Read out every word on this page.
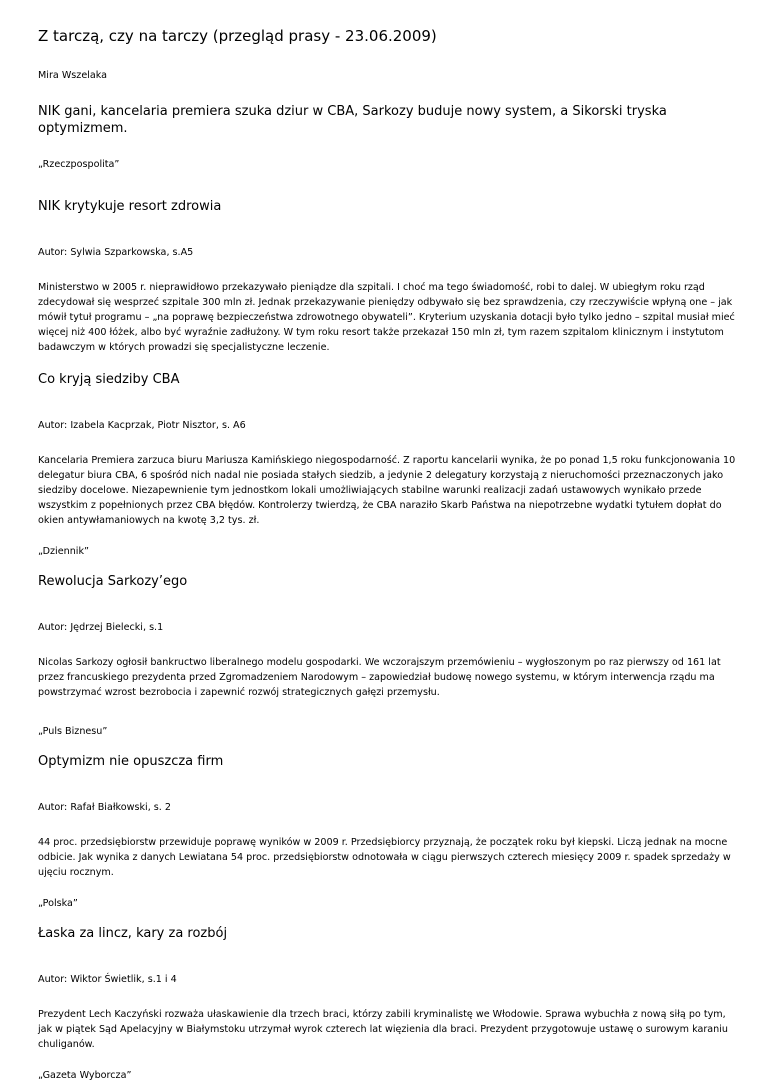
Z tarczą, czy na tarczy (przegląd prasy - 23.06.2009)
Mira Wszelaka
NIK gani, kancelaria premiera szuka dziur w CBA, Sarkozy buduje nowy system, a Sikorski tryska optymizmem.
„Rzeczpospolita”
NIK krytykuje resort zdrowia
Autor: Sylwia Szparkowska, s.A5
Ministerstwo w 2005 r. nieprawidłowo przekazywało pieniądze dla szpitali. I choć ma tego świadomość, robi to dalej. W ubiegłym roku rząd zdecydował się wesprzeć szpitale 300 mln zł. Jednak przekazywanie pieniędzy odbywało się bez sprawdzenia, czy rzeczywiście wpłyną one – jak mówił tytuł programu – „na poprawę bezpieczeństwa zdrowotnego obywateli”. Kryterium uzyskania dotacji było tylko jedno – szpital musiał mieć więcej niż 400 łóżek, albo być wyraźnie zadłużony. W tym roku resort także przekazał 150 mln zł, tym razem szpitalom klinicznym i instytutom badawczym w których prowadzi się specjalistyczne leczenie.
Co kryją siedziby CBA
Autor: Izabela Kacprzak, Piotr Nisztor, s. A6
Kancelaria Premiera zarzuca biuru Mariusza Kamińskiego niegospodarność. Z raportu kancelarii wynika, że po ponad 1,5 roku funkcjonowania 10 delegatur biura CBA, 6 spośród nich nadal nie posiada stałych siedzib, a jedynie 2 delegatury korzystają z nieruchomości przeznaczonych jako siedziby docelowe. Niezapewnienie tym jednostkom lokali umożliwiających stabilne warunki realizacji zadań ustawowych wynikało przede wszystkim z popełnionych przez CBA błędów. Kontrolerzy twierdzą, że CBA naraziło Skarb Państwa na niepotrzebne wydatki tytułem dopłat do okien antywłamaniowych na kwotę 3,2 tys. zł.
„Dziennik”
Rewolucja Sarkozy’ego
Autor: Jędrzej Bielecki, s.1
Nicolas Sarkozy ogłosił bankructwo liberalnego modelu gospodarki. We wczorajszym przemówieniu – wygłoszonym po raz pierwszy od 161 lat przez francuskiego prezydenta przed Zgromadzeniem Narodowym – zapowiedział budowę nowego systemu, w którym interwencja rządu ma powstrzymać wzrost bezrobocia i zapewnić rozwój strategicznych gałęzi przemysłu.
„Puls Biznesu”
Optymizm nie opuszcza firm
Autor: Rafał Białkowski, s. 2
44 proc. przedsiębiorstw przewiduje poprawę wyników w 2009 r. Przedsiębiorcy przyznają, że początek roku był kiepski. Liczą jednak na mocne odbicie. Jak wynika z danych Lewiatana 54 proc. przedsiębiorstw odnotowała w ciągu pierwszych czterech miesięcy 2009 r. spadek sprzedaży w ujęciu rocznym.
„Polska”
Łaska za lincz, kary za rozbój
Autor: Wiktor Świetlik, s.1 i 4
Prezydent Lech Kaczyński rozważa ułaskawienie dla trzech braci, którzy zabili kryminalistę we Włodowie. Sprawa wybuchła z nową siłą po tym, jak w piątek Sąd Apelacyjny w Białymstoku utrzymał wyrok czterech lat więzienia dla braci. Prezydent przygotowuje ustawę o surowym karaniu chuliganów.
„Gazeta Wyborcza”
